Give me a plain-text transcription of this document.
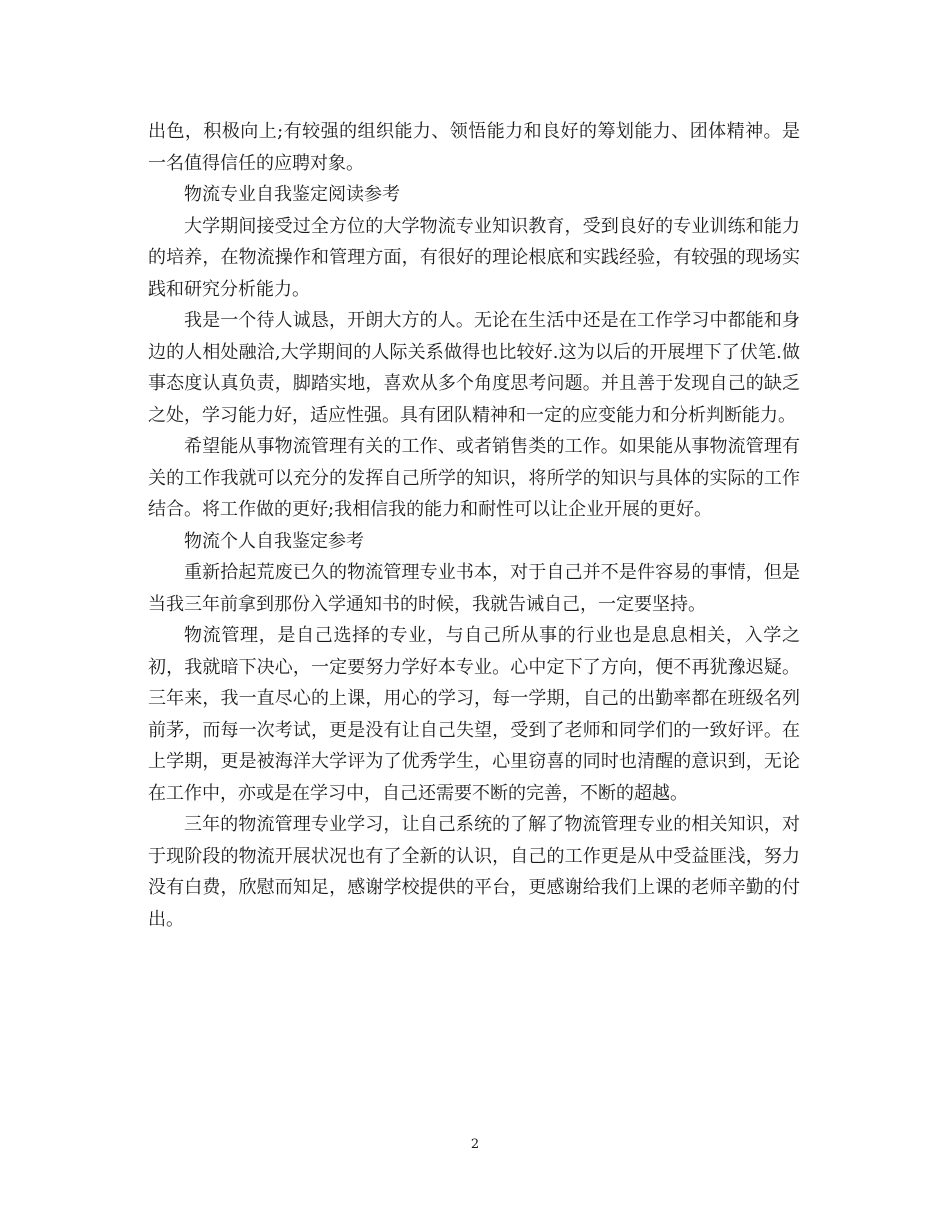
出色，积极向上;有较强的组织能力、领悟能力和良好的筹划能力、团体精神。是一名值得信任的应聘对象。

物流专业自我鉴定阅读参考

大学期间接受过全方位的大学物流专业知识教育，受到良好的专业训练和能力的培养，在物流操作和管理方面，有很好的理论根底和实践经验，有较强的现场实践和研究分析能力。

我是一个待人诚恳，开朗大方的人。无论在生活中还是在工作学习中都能和身边的人相处融洽,大学期间的人际关系做得也比较好.这为以后的开展埋下了伏笔.做事态度认真负责，脚踏实地，喜欢从多个角度思考问题。并且善于发现自己的缺乏之处，学习能力好，适应性强。具有团队精神和一定的应变能力和分析判断能力。

希望能从事物流管理有关的工作、或者销售类的工作。如果能从事物流管理有关的工作我就可以充分的发挥自己所学的知识，将所学的知识与具体的实际的工作结合。将工作做的更好;我相信我的能力和耐性可以让企业开展的更好。

物流个人自我鉴定参考

重新拾起荒废已久的物流管理专业书本，对于自己并不是件容易的事情，但是当我三年前拿到那份入学通知书的时候，我就告诫自己，一定要坚持。

物流管理，是自己选择的专业，与自己所从事的行业也是息息相关，入学之初，我就暗下决心，一定要努力学好本专业。心中定下了方向，便不再犹豫迟疑。三年来，我一直尽心的上课，用心的学习，每一学期，自己的出勤率都在班级名列前茅，而每一次考试，更是没有让自己失望，受到了老师和同学们的一致好评。在上学期，更是被海洋大学评为了优秀学生，心里窃喜的同时也清醒的意识到，无论在工作中，亦或是在学习中，自己还需要不断的完善，不断的超越。

三年的物流管理专业学习，让自己系统的了解了物流管理专业的相关知识，对于现阶段的物流开展状况也有了全新的认识，自己的工作更是从中受益匪浅，努力没有白费，欣慰而知足，感谢学校提供的平台，更感谢给我们上课的老师辛勤的付出。

2
